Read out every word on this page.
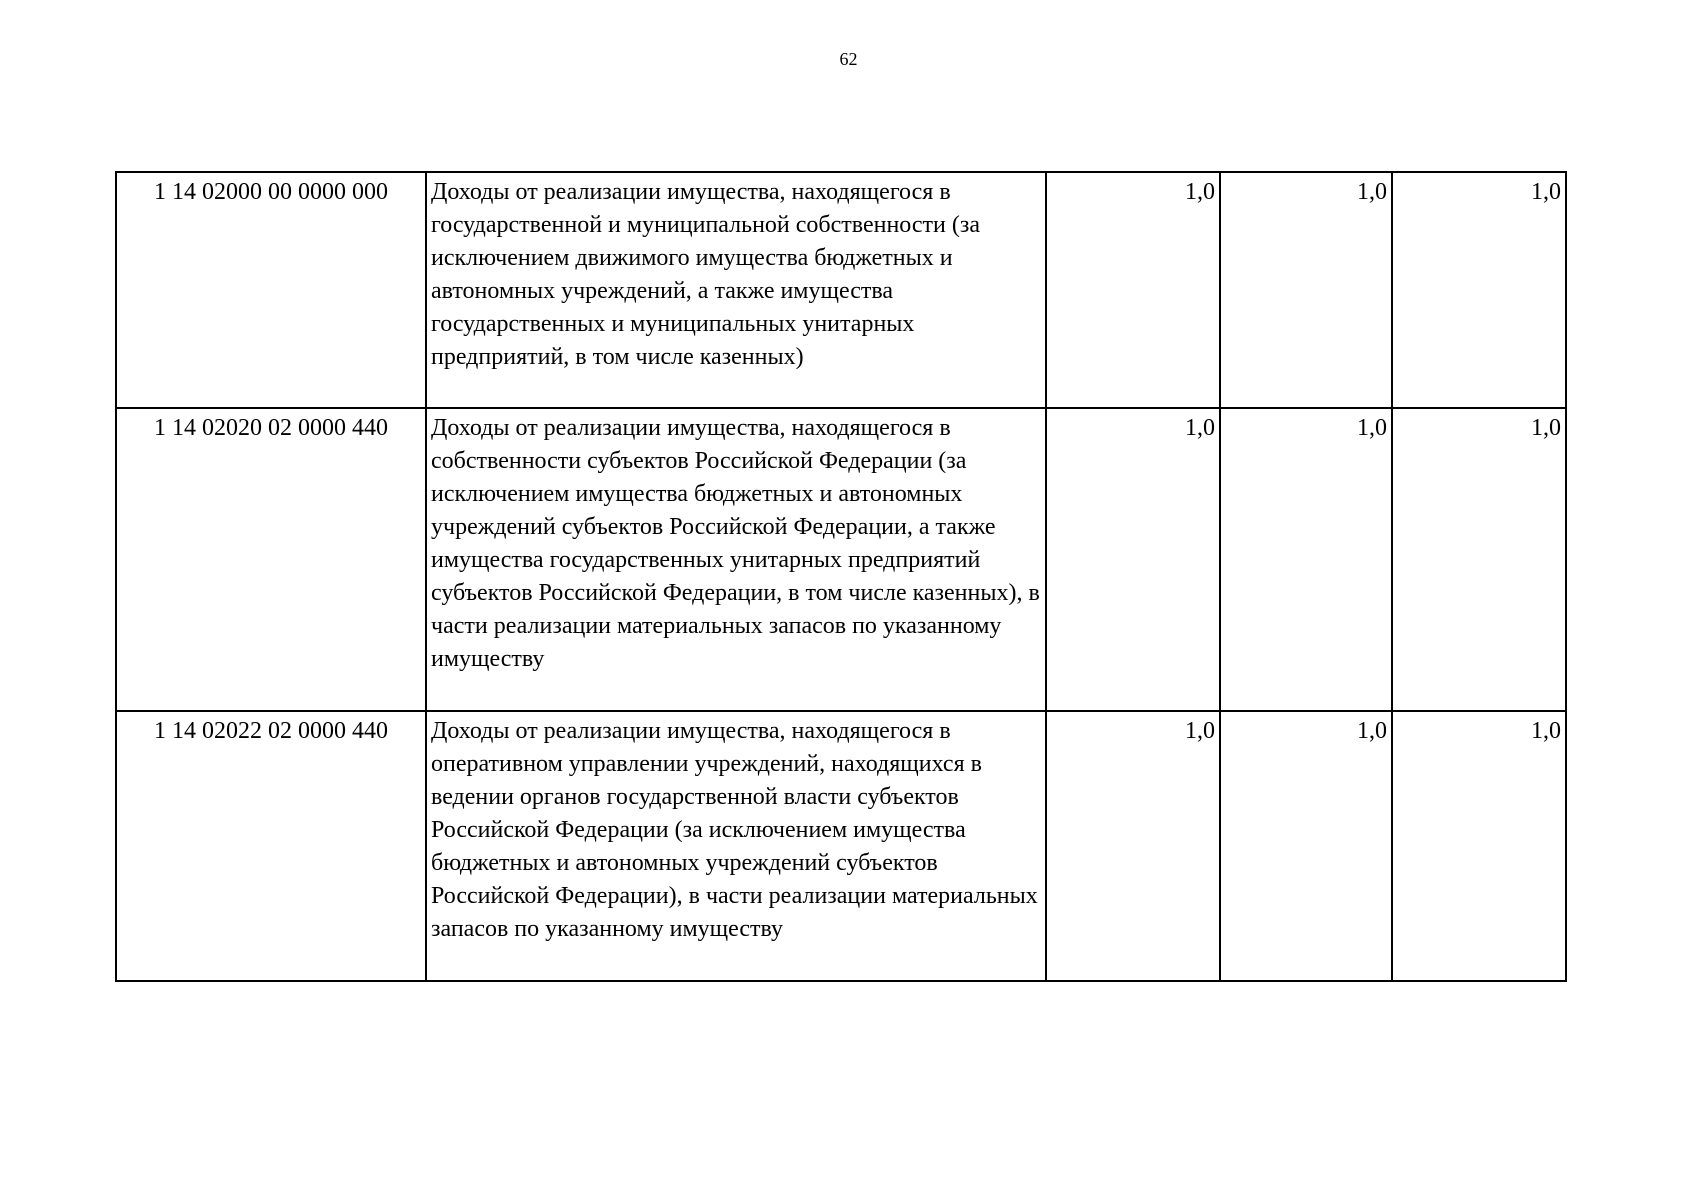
62
1 14 02000 00 0000 000	Доходы от реализации имущества, находящегося в государственной и муниципальной собственности (за исключением движимого имущества бюджетных и автономных учреждений, а также имущества государственных и муниципальных унитарных предприятий, в том числе казенных)	1,0	1,0	1,0
1 14 02020 02 0000 440	Доходы от реализации имущества, находящегося в собственности субъектов Российской Федерации (за исключением имущества бюджетных и автономных учреждений субъектов Российской Федерации, а также имущества государственных унитарных предприятий субъектов Российской Федерации, в том числе казенных), в части реализации материальных запасов по указанному имуществу	1,0	1,0	1,0
1 14 02022 02 0000 440	Доходы от реализации имущества, находящегося в оперативном управлении учреждений, находящихся в ведении органов государственной власти субъектов Российской Федерации (за исключением имущества бюджетных и автономных учреждений субъектов Российской Федерации), в части реализации материальных запасов по указанному имуществу	1,0	1,0	1,0
